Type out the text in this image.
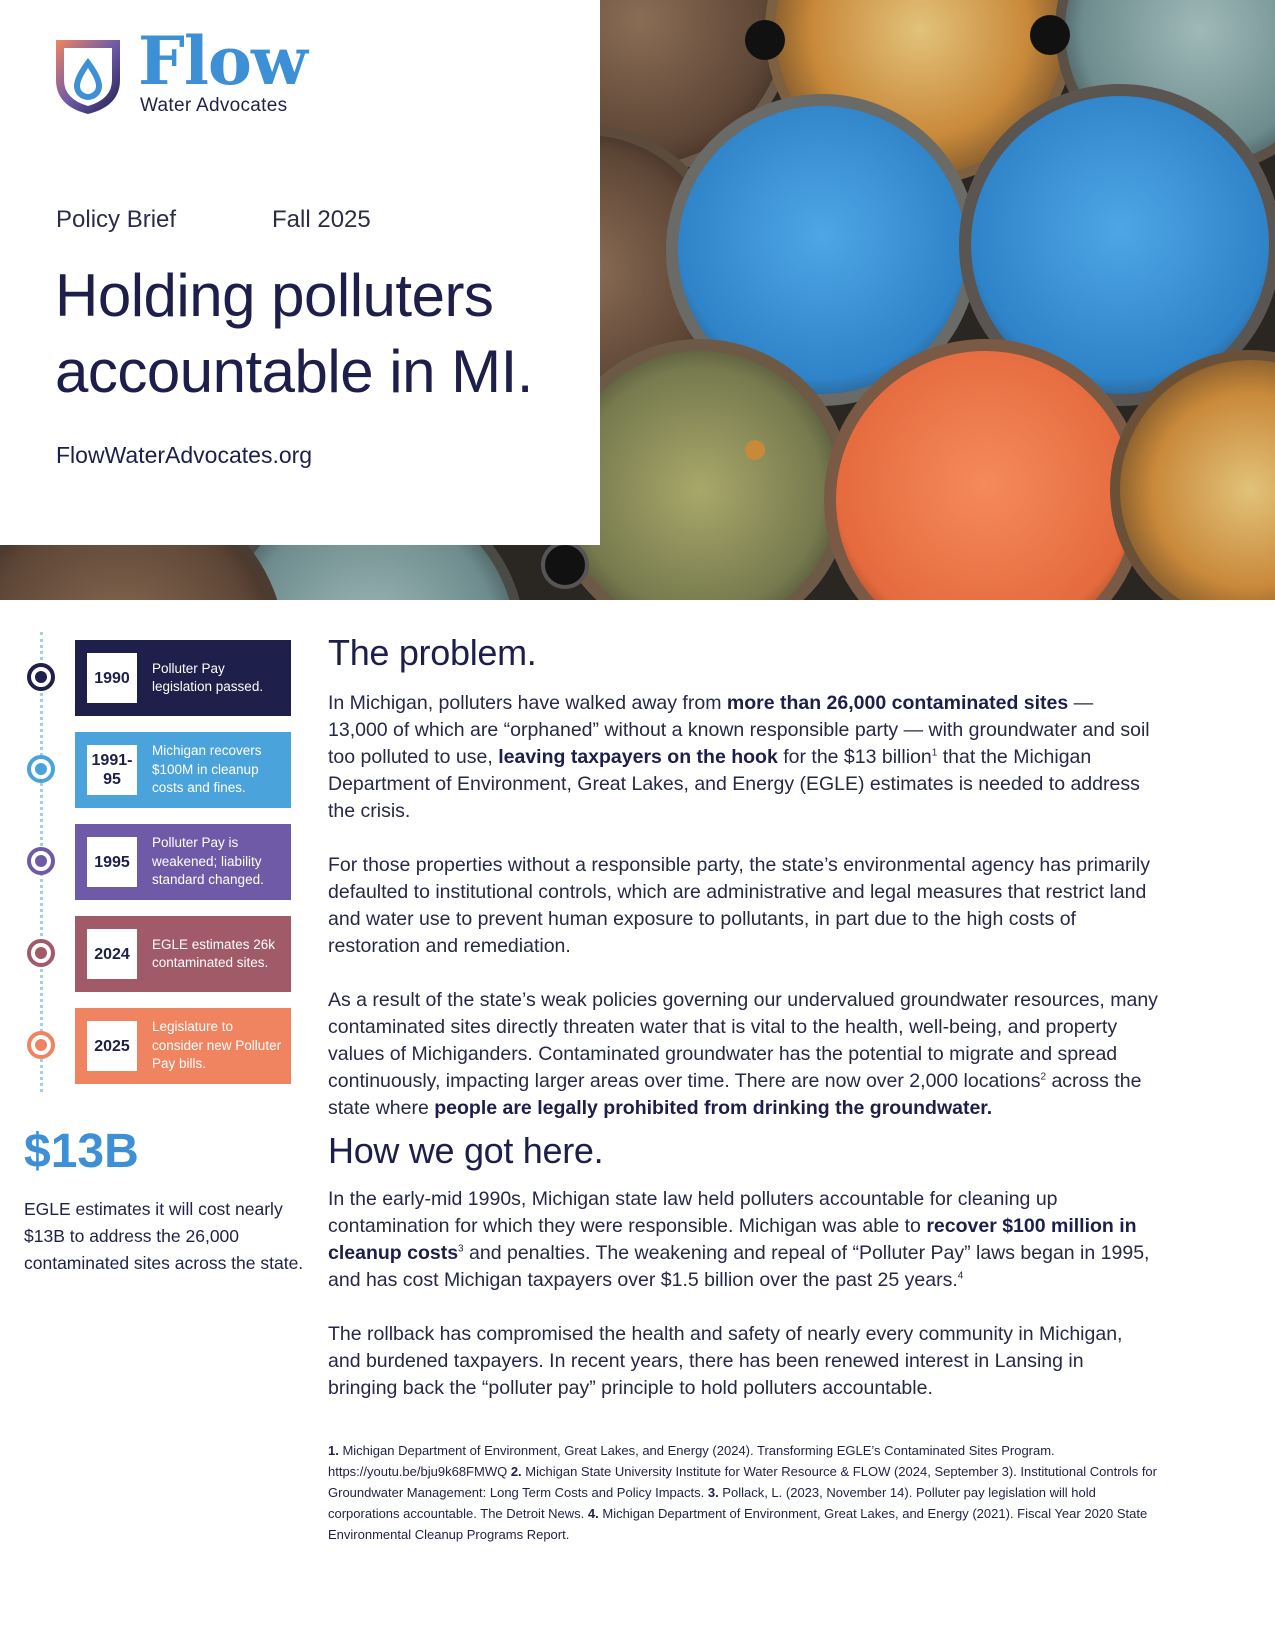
Flow
Water Advocates
Policy Brief	Fall 2025
Holding polluters
accountable in MI.
FlowWaterAdvocates.org
1990
Polluter Pay legislation passed.
1991-95
Michigan recovers $100M in cleanup costs and fines.
1995
Polluter Pay is weakened; liability standard changed.
2024
EGLE estimates 26k contaminated sites.
2025
Legislature to consider new Polluter Pay bills.
$13B
EGLE estimates it will cost nearly $13B to address the 26,000 contaminated sites across the state.
The problem.

In Michigan, polluters have walked away from more than 26,000 contaminated sites — 13,000 of which are “orphaned” without a known responsible party — with groundwater and soil too polluted to use, leaving taxpayers on the hook for the $13 billion$^1$ that the Michigan Department of Environment, Great Lakes, and Energy (EGLE) estimates is needed to address the crisis.

For those properties without a responsible party, the state’s environmental agency has primarily defaulted to institutional controls, which are administrative and legal measures that restrict land and water use to prevent human exposure to pollutants, in part due to the high costs of restoration and remediation.

As a result of the state’s weak policies governing our undervalued groundwater resources, many contaminated sites directly threaten water that is vital to the health, well-being, and property values of Michiganders. Contaminated groundwater has the potential to migrate and spread continuously, impacting larger areas over time. There are now over 2,000 locations$^2$ across the state where people are legally prohibited from drinking the groundwater.

How we got here.

In the early-mid 1990s, Michigan state law held polluters accountable for cleaning up contamination for which they were responsible. Michigan was able to recover $100 million in cleanup costs$^3$ and penalties. The weakening and repeal of “Polluter Pay” laws began in 1995, and has cost Michigan taxpayers over $1.5 billion over the past 25 years.$^4$

The rollback has compromised the health and safety of nearly every community in Michigan, and burdened taxpayers. In recent years, there has been renewed interest in Lansing in bringing back the “polluter pay” principle to hold polluters accountable.

1. Michigan Department of Environment, Great Lakes, and Energy (2024). Transforming EGLE’s Contaminated Sites Program. https://youtu.be/bju9k68FMWQ 2. Michigan State University Institute for Water Resource & FLOW (2024, September 3). Institutional Controls for Groundwater Management: Long Term Costs and Policy Impacts. 3. Pollack, L. (2023, November 14). Polluter pay legislation will hold corporations accountable. The Detroit News. 4. Michigan Department of Environment, Great Lakes, and Energy (2021). Fiscal Year 2020 State Environmental Cleanup Programs Report.
